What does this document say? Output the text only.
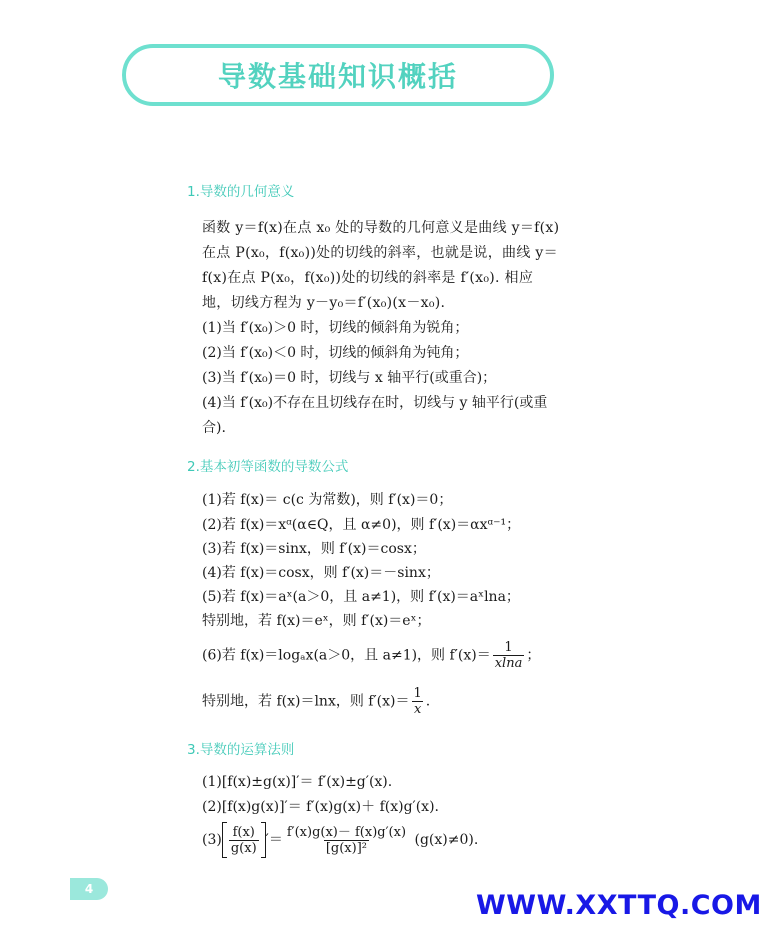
导数基础知识概括
1.导数的几何意义
函数 y＝f(x)在点 x₀ 处的导数的几何意义是曲线 y＝f(x)
在点 P(x₀，f(x₀))处的切线的斜率，也就是说，曲线 y＝
f(x)在点 P(x₀，f(x₀))处的切线的斜率是 f′(x₀). 相应
地，切线方程为 y－y₀＝f′(x₀)(x－x₀).
(1)当 f′(x₀)＞0 时，切线的倾斜角为锐角；
(2)当 f′(x₀)＜0 时，切线的倾斜角为钝角；
(3)当 f′(x₀)＝0 时，切线与 x 轴平行(或重合)；
(4)当 f′(x₀)不存在且切线存在时，切线与 y 轴平行(或重
合).
2.基本初等函数的导数公式
(1)若 f(x)＝ c(c 为常数)，则 f′(x)＝0；
(2)若 f(x)＝xᵅ(α∈Q，且 α≠0)，则 f′(x)＝αxᵅ⁻¹；
(3)若 f(x)＝sinx，则 f′(x)＝cosx；
(4)若 f(x)＝cosx，则 f′(x)＝－sinx；
(5)若 f(x)＝aˣ(a＞0，且 a≠1)，则 f′(x)＝aˣlna；
特别地，若 f(x)＝eˣ，则 f′(x)＝eˣ；
(6)若 f(x)＝logₐx(a＞0，且 a≠1)，则 $f'(x)= \frac{1}{xlna}$ ；
特别地，若 f(x)＝lnx，则 $f'(x)= \frac{1}{x}$ .
3.导数的运算法则
(1)[f(x)±g(x)]′＝ f′(x)±g′(x).
(2)[f(x)g(x)]′＝ f′(x)g(x)＋ f(x)g′(x).
$(3) \frac{f(x)}{g(x)}$ ′＝ $\frac{f'(x)g(x)- f(x)g'(x)}{\text{[g(x)]²}} (g(x)\ne 0)$.
4
WWW.XXTTQ.COM
